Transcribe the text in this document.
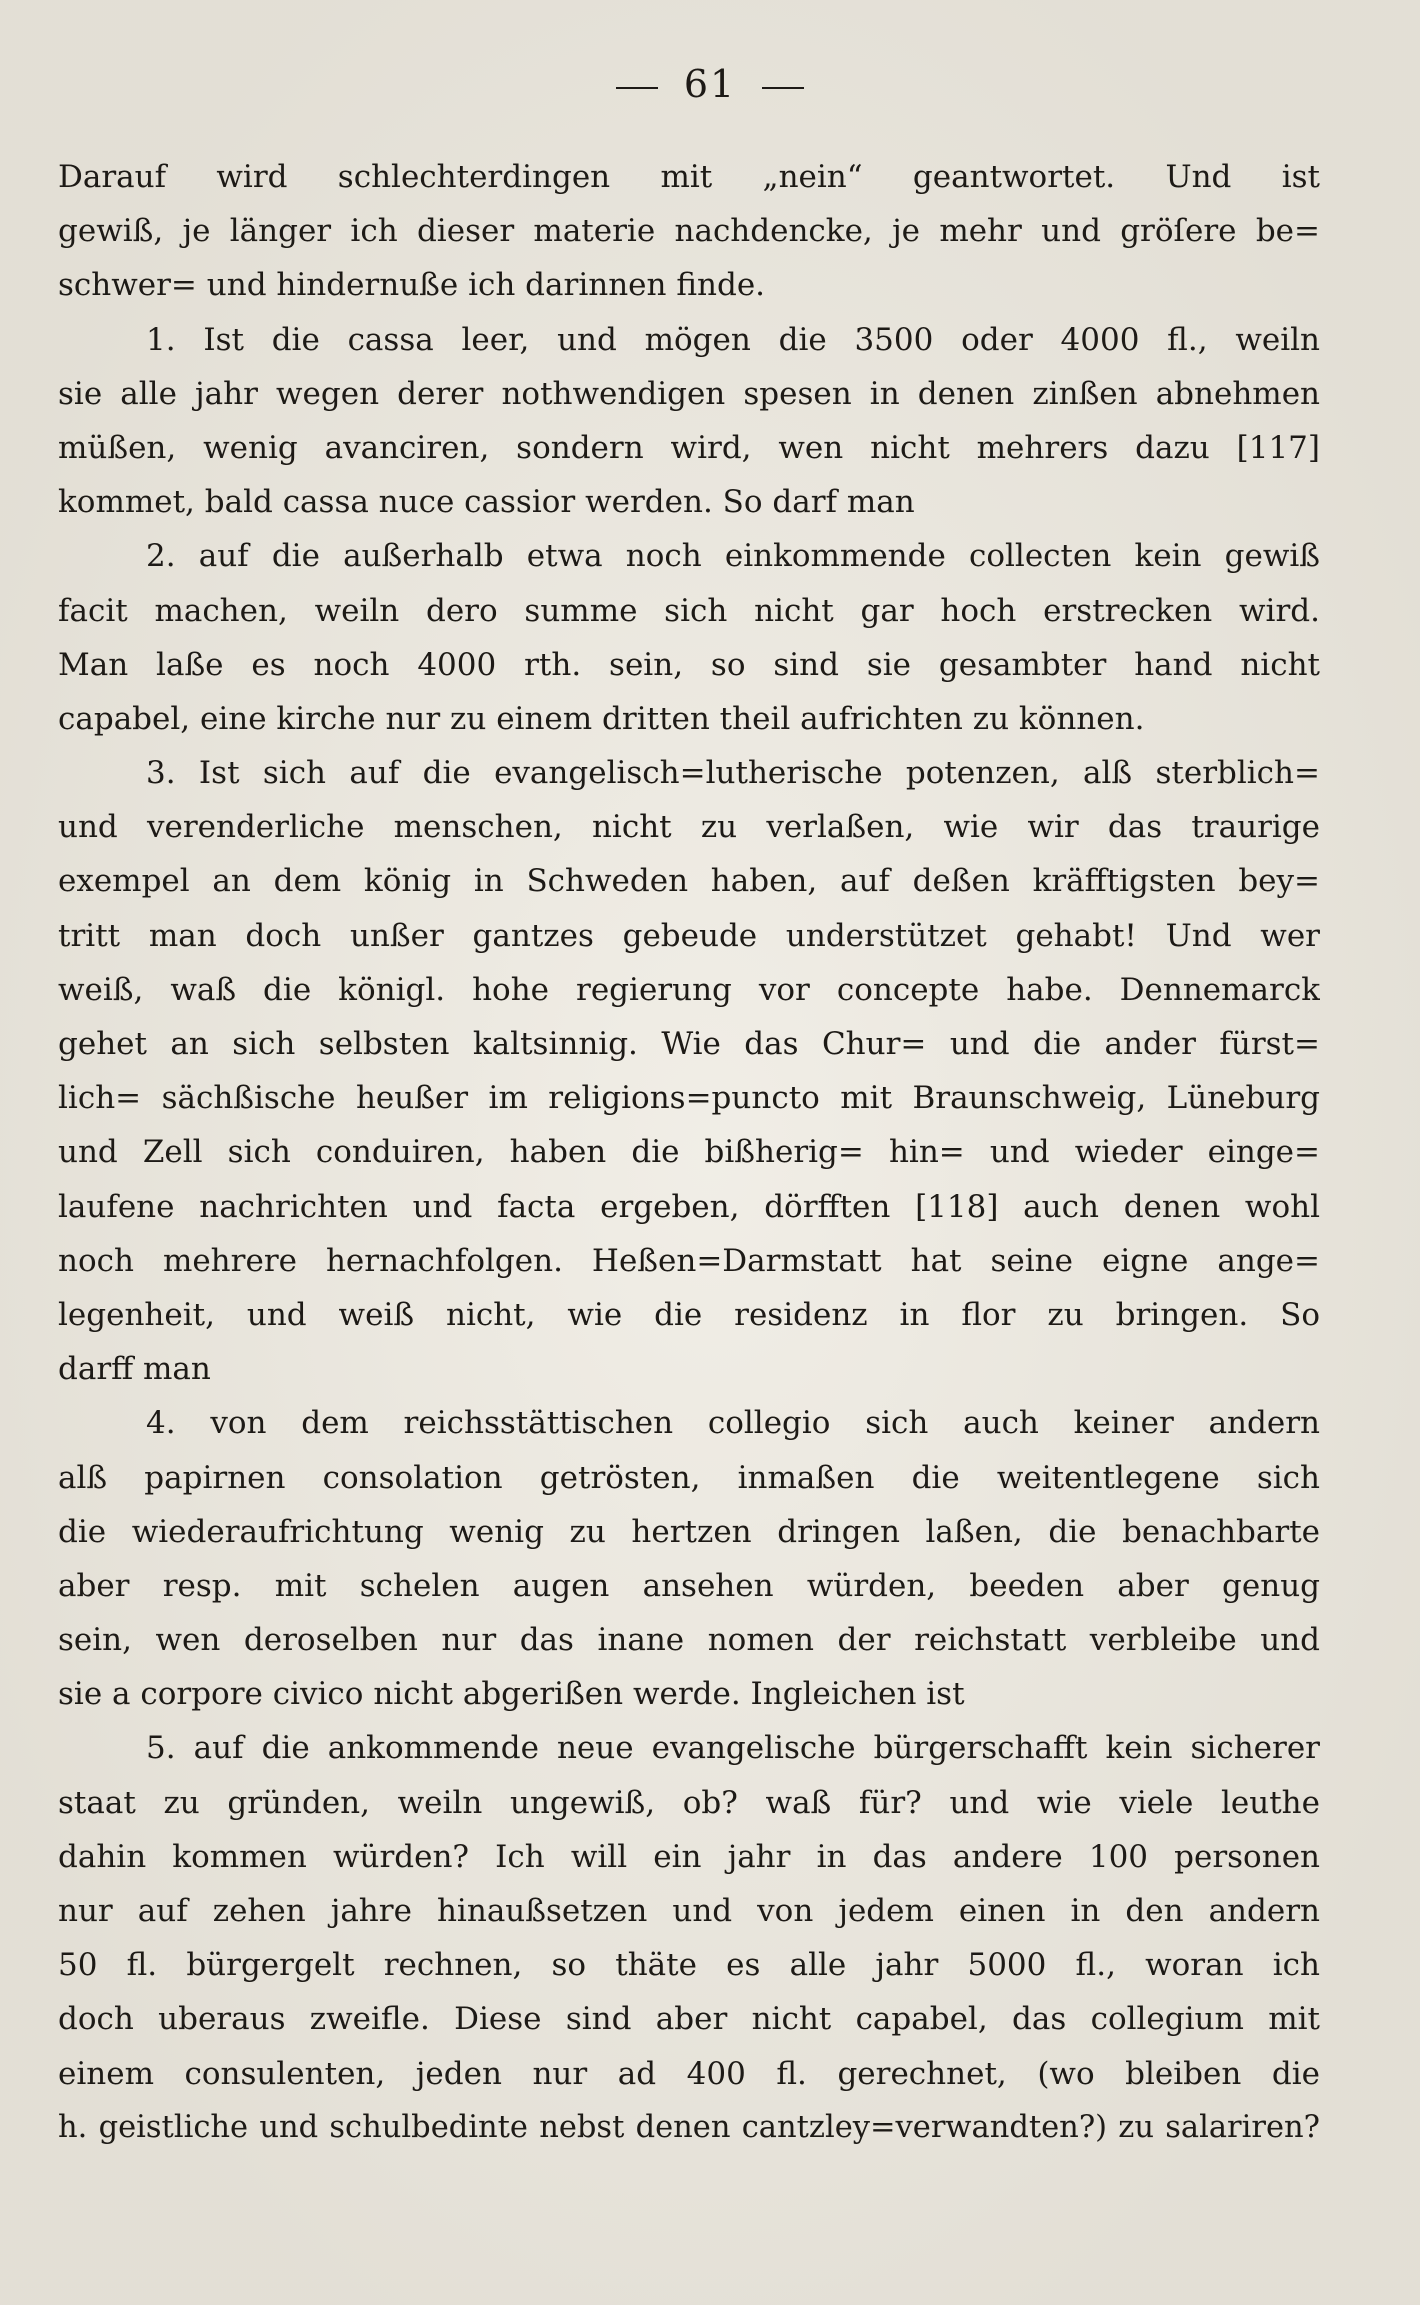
61
Darauf wird schlechterdingen mit „nein“ geantwortet. Und ist
gewiß, je länger ich dieser materie nachdencke, je mehr und gröſere be=
schwer= und hindernuße ich darinnen finde.
1. Ist die cassa leer, und mögen die 3500 oder 4000 fl., weiln
sie alle jahr wegen derer nothwendigen spesen in denen zinßen abnehmen
müßen, wenig avanciren, sondern wird, wen nicht mehrers dazu [117]
kommet, bald cassa nuce cassior werden. So darf man
2. auf die außerhalb etwa noch einkommende collecten kein gewiß
facit machen, weiln dero summe sich nicht gar hoch erstrecken wird.
Man laße es noch 4000 rth. sein, so sind sie gesambter hand nicht
capabel, eine kirche nur zu einem dritten theil aufrichten zu können.
3. Ist sich auf die evangelisch=lutherische potenzen, alß sterblich=
und verenderliche menschen, nicht zu verlaßen, wie wir das traurige
exempel an dem könig in Schweden haben, auf deßen kräfftigsten bey=
tritt man doch unßer gantzes gebeude understützet gehabt! Und wer
weiß, waß die königl. hohe regierung vor concepte habe. Dennemarck
gehet an sich selbsten kaltsinnig. Wie das Chur= und die ander fürst=
lich= sächßische heußer im religions=puncto mit Braunschweig, Lüneburg
und Zell sich conduiren, haben die bißherig= hin= und wieder einge=
laufene nachrichten und facta ergeben, dörfften [118] auch denen wohl
noch mehrere hernachfolgen. Heßen=Darmstatt hat seine eigne ange=
legenheit, und weiß nicht, wie die residenz in flor zu bringen. So
darff man
4. von dem reichsstättischen collegio sich auch keiner andern
alß papirnen consolation getrösten, inmaßen die weitentlegene sich
die wiederaufrichtung wenig zu hertzen dringen laßen, die benachbarte
aber resp. mit schelen augen ansehen würden, beeden aber genug
sein, wen deroselben nur das inane nomen der reichstatt verbleibe und
sie a corpore civico nicht abgerißen werde. Ingleichen ist
5. auf die ankommende neue evangelische bürgerschafft kein sicherer
staat zu gründen, weiln ungewiß, ob? waß für? und wie viele leuthe
dahin kommen würden? Ich will ein jahr in das andere 100 personen
nur auf zehen jahre hinaußsetzen und von jedem einen in den andern
50 fl. bürgergelt rechnen, so thäte es alle jahr 5000 fl., woran ich
doch uberaus zweifle. Diese sind aber nicht capabel, das collegium mit
einem consulenten, jeden nur ad 400 fl. gerechnet, (wo bleiben die
h. geistliche und schulbedinte nebst denen cantzley=verwandten?) zu salariren?
